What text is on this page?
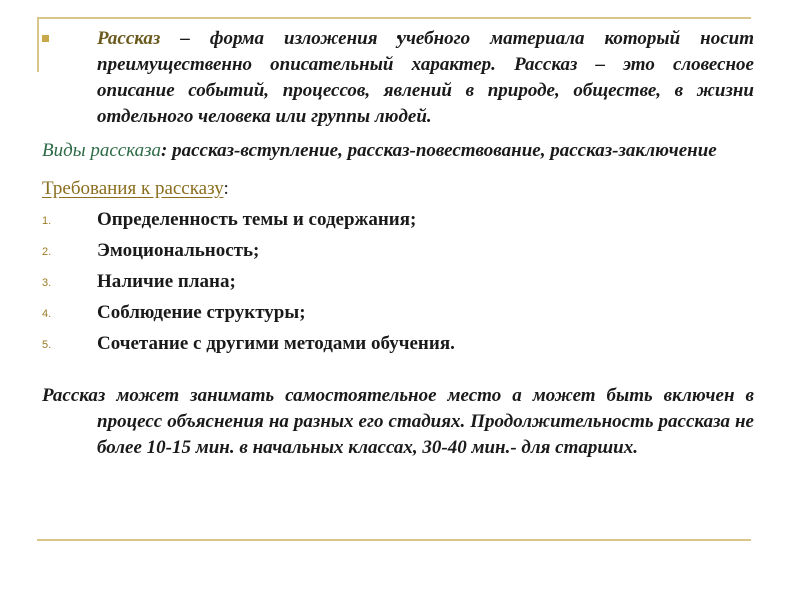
Рассказ – форма изложения учебного материала который носит преимущественно описательный характер. Рассказ – это словесное описание событий, процессов, явлений в природе, обществе, в жизни отдельного человека или группы людей.
Виды рассказа: рассказ-вступление, рассказ-повествование, рассказ-заключение
Требования к рассказу:
1. Определенность темы и содержания;
2. Эмоциональность;
3. Наличие плана;
4. Соблюдение структуры;
5. Сочетание с другими методами обучения.
Рассказ может занимать самостоятельное место а может быть включен в процесс объяснения на разных его стадиях. Продолжительность рассказа не более 10-15 мин. в начальных классах, 30-40 мин.- для старших.
